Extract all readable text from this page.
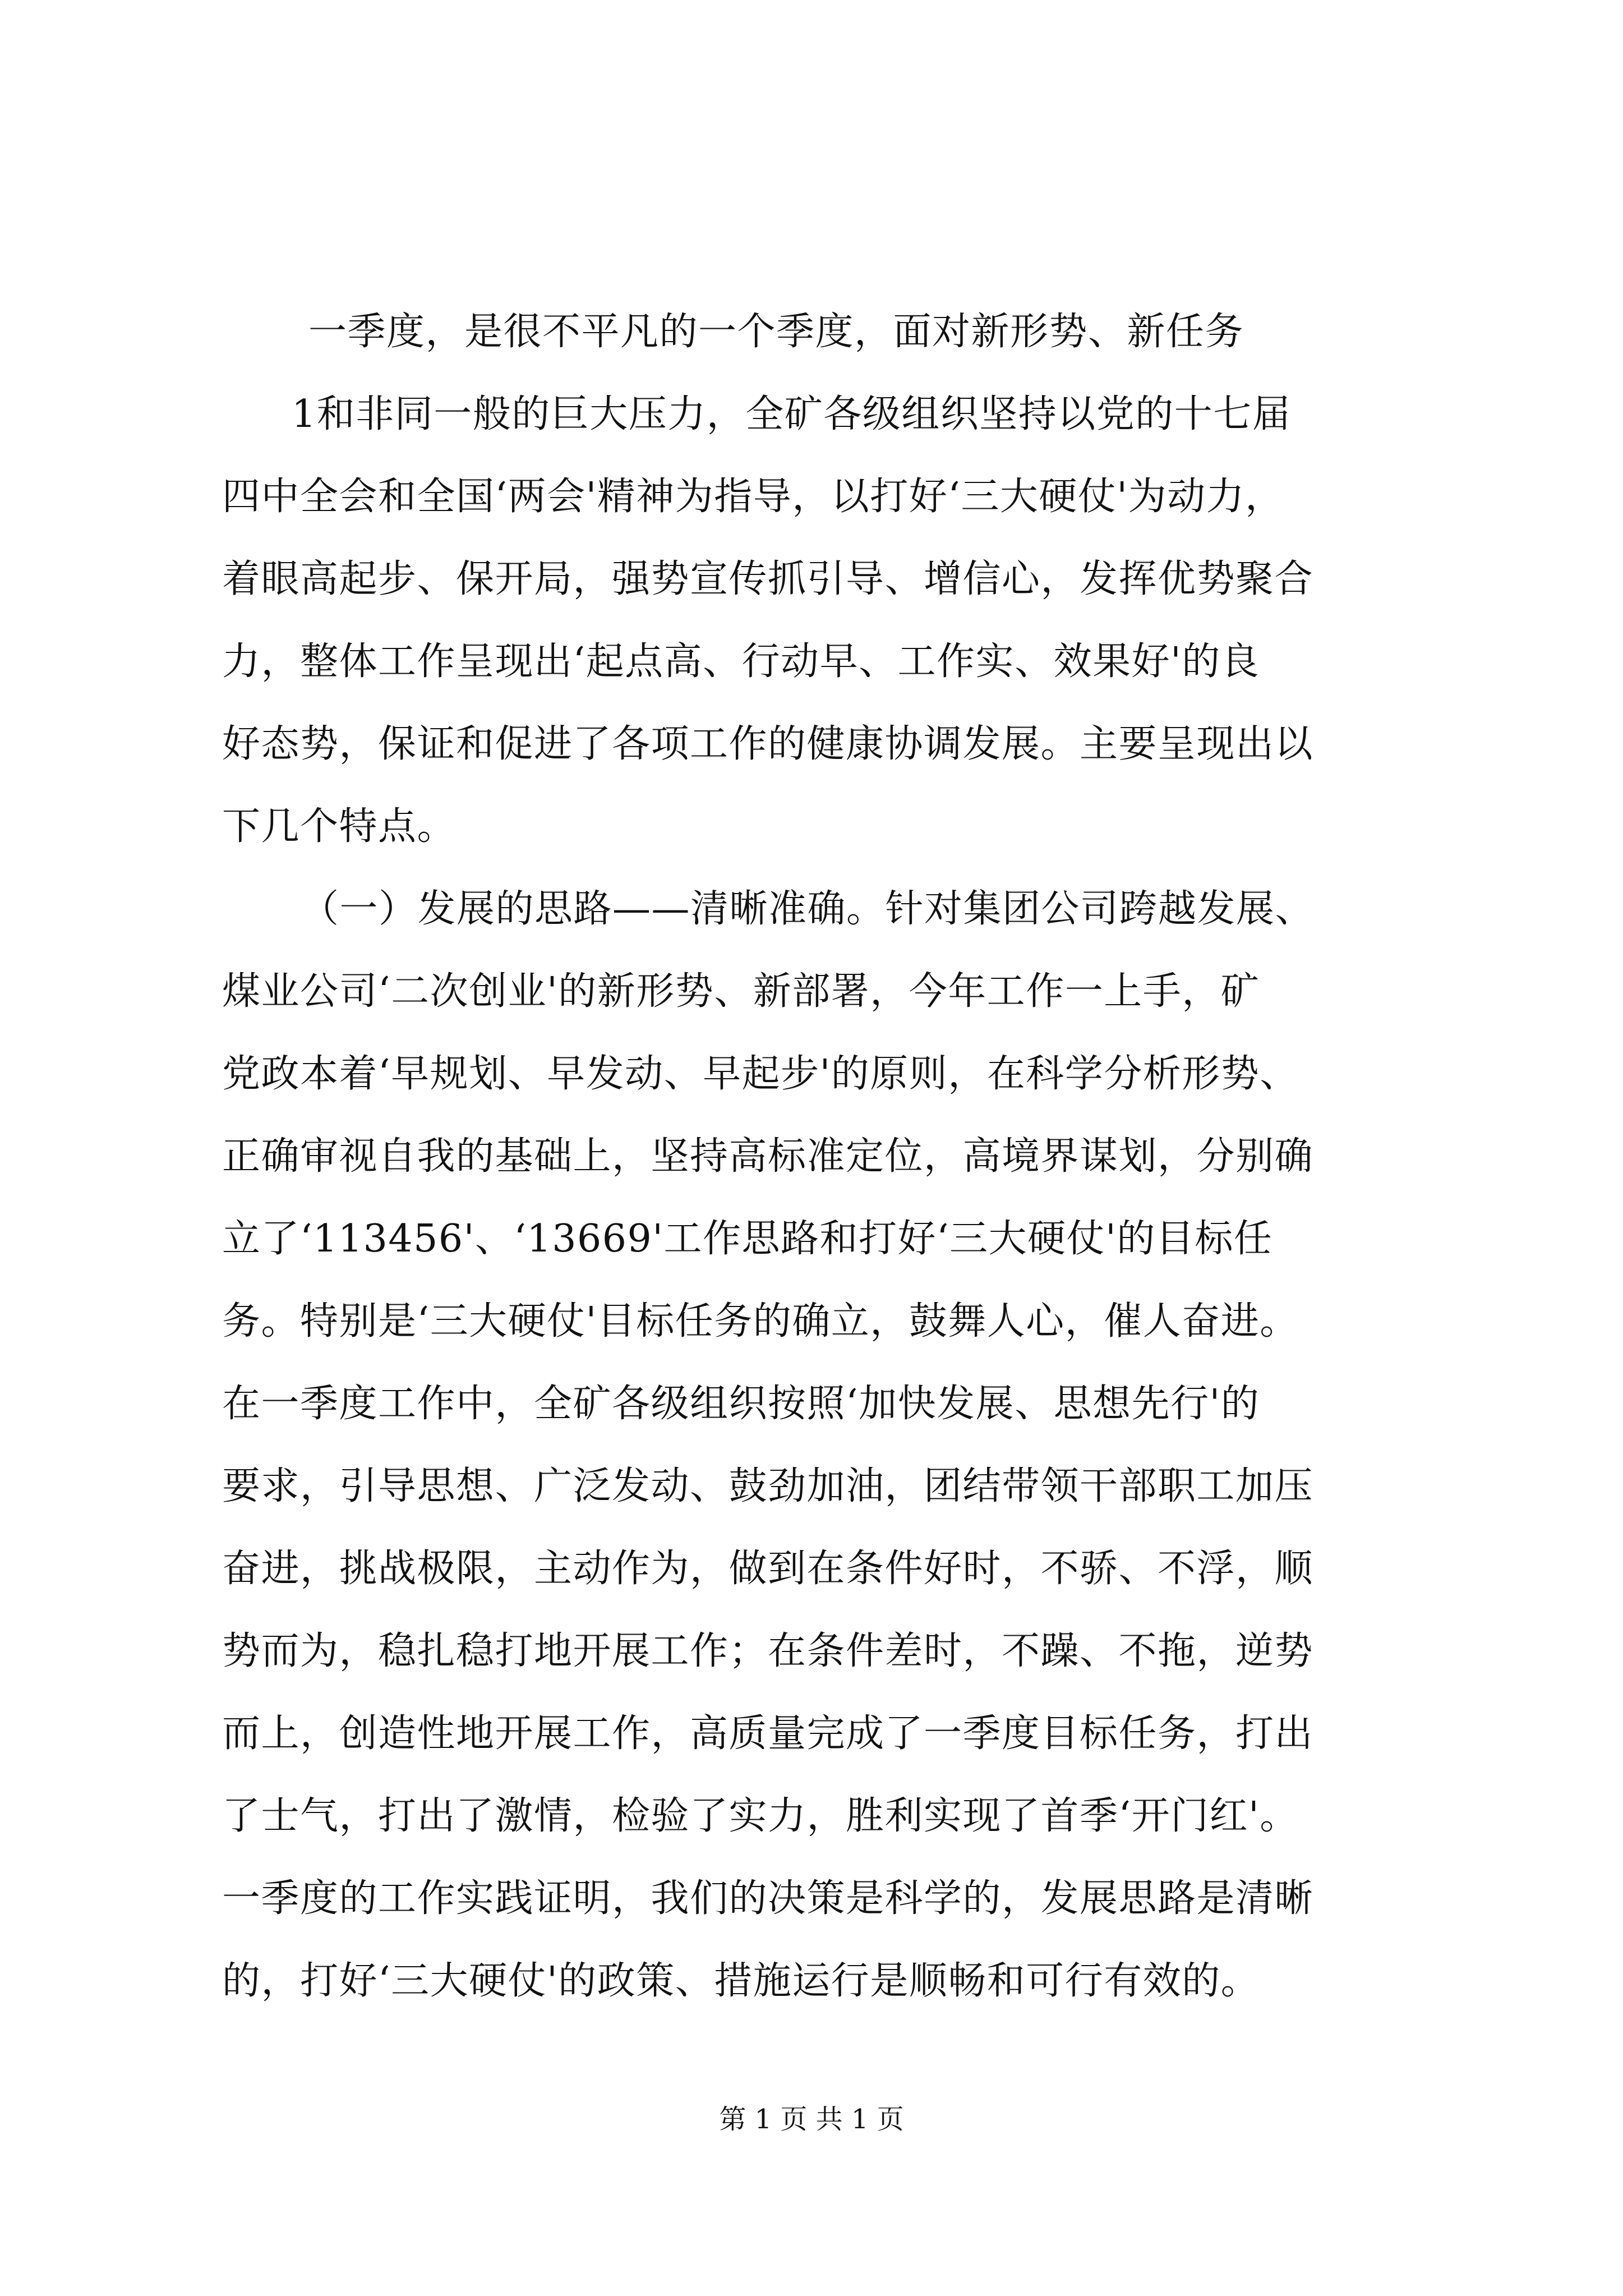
一季度，是很不平凡的一个季度，面对新形势、新任务
1和非同一般的巨大压力，全矿各级组织坚持以党的十七届
四中全会和全国‘两会'精神为指导，以打好‘三大硬仗'为动力，
着眼高起步、保开局，强势宣传抓引导、增信心，发挥优势聚合
力，整体工作呈现出‘起点高、行动早、工作实、效果好'的良
好态势，保证和促进了各项工作的健康协调发展。主要呈现出以
下几个特点。
（一）发展的思路——清晰准确。针对集团公司跨越发展、
煤业公司‘二次创业'的新形势、新部署，今年工作一上手，矿
党政本着‘早规划、早发动、早起步'的原则，在科学分析形势、
正确审视自我的基础上，坚持高标准定位，高境界谋划，分别确
立了‘113456'、‘13669'工作思路和打好‘三大硬仗'的目标任
务。特别是‘三大硬仗'目标任务的确立，鼓舞人心，催人奋进。
在一季度工作中，全矿各级组织按照‘加快发展、思想先行'的
要求，引导思想、广泛发动、鼓劲加油，团结带领干部职工加压
奋进，挑战极限，主动作为，做到在条件好时，不骄、不浮，顺
势而为，稳扎稳打地开展工作；在条件差时，不躁、不拖，逆势
而上，创造性地开展工作，高质量完成了一季度目标任务，打出
了士气，打出了激情，检验了实力，胜利实现了首季‘开门红'。
一季度的工作实践证明，我们的决策是科学的，发展思路是清晰
的，打好‘三大硬仗'的政策、措施运行是顺畅和可行有效的。
第 1 页 共 1 页
